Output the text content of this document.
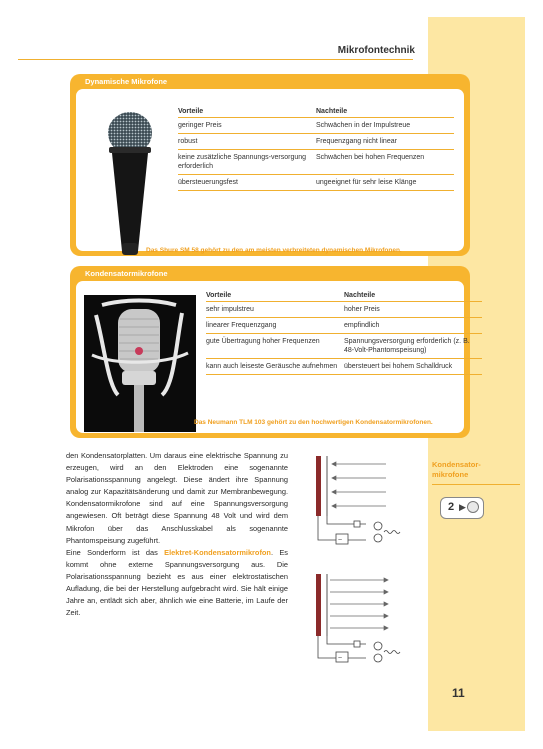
Mikrofontechnik
Dynamische Mikrofone
Vorteile	Nachteile
geringer Preis	Schwächen in der Impulstreue
robust	Frequenzgang nicht linear
keine zusätzliche Spannungs-versorgung erforderlich	Schwächen bei hohen Frequenzen
übersteuerungsfest	ungeeignet für sehr leise Klänge
Das Shure SM 58 gehört zu den am meisten verbreiteten dynamischen Mikrofonen.
Kondensatormikrofone
Vorteile	Nachteile
sehr impulstreu	hoher Preis
linearer Frequenzgang	empfindlich
gute Übertragung hoher Frequenzen	Spannungsversorgung erforderlich (z. B. 48-Volt-Phantomspeisung)
kann auch leiseste Geräusche aufnehmen	übersteuert bei hohem Schalldruck
Das Neumann TLM 103 gehört zu den hochwertigen Kondensatormikrofonen.

den Kondensatorplatten. Um daraus eine elektrische Spannung zu erzeugen, wird an den Elektroden eine sogenannte Polarisationsspannung angelegt. Diese ändert ihre Spannung analog zur Kapazitätsänderung und damit zur Membranbewegung. Kondensatormikrofone sind auf eine Spannungsversorgung angewiesen. Oft beträgt diese Spannung 48 Volt und wird dem Mikrofon über das Anschlusskabel als sogenannte Phantomspeisung zugeführt.

Eine Sonderform ist das Elektret-Kondensatormikrofon. Es kommt ohne externe Spannungsversorgung aus. Die Polarisationsspannung bezieht es aus einer elektrostatischen Aufladung, die bei der Herstellung aufgebracht wird. Sie hält einige Jahre an, entlädt sich aber, ähnlich wie eine Batterie, im Laufe der Zeit.

~
~
Kondensator-mikrofone
2 ▶
11
